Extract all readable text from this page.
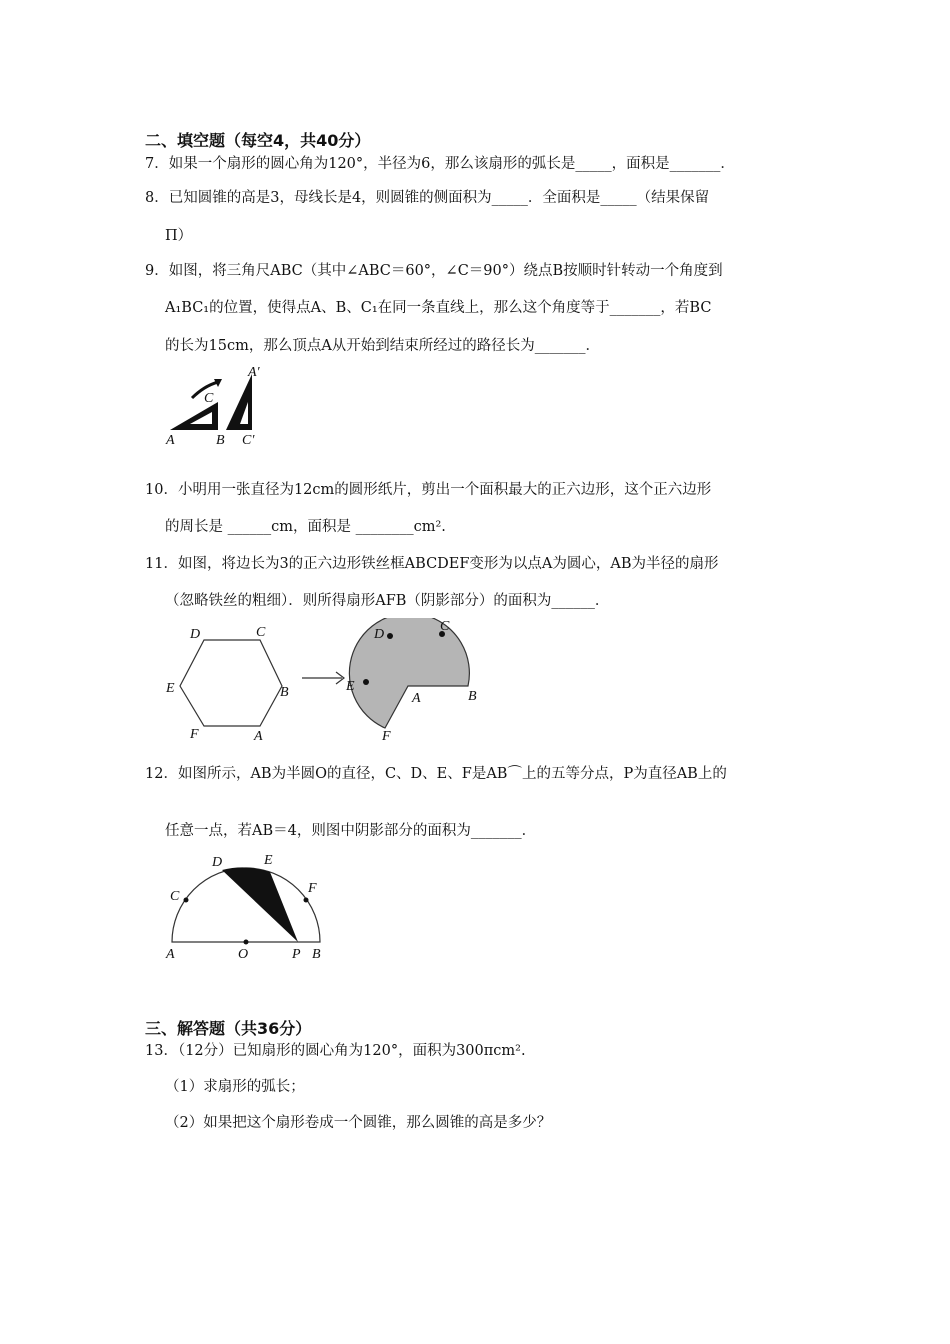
二、填空题（每空4，共40分）
7．如果一个扇形的圆心角为120°，半径为6，那么该扇形的弧长是_____，面积是_______．
8．已知圆锥的高是3，母线长是4，则圆锥的侧面积为_____．全面积是_____（结果保留
Π）
9．如图，将三角尺ABC（其中∠ABC＝60°，∠C＝90°）绕点B按顺时针转动一个角度到
A₁BC₁的位置，使得点A、B、C₁在同一条直线上，那么这个角度等于_______，若BC
的长为15cm，那么顶点A从开始到结束所经过的路径长为_______．
A	B
C
C′
A′
10．小明用一张直径为12cm的圆形纸片，剪出一个面积最大的正六边形，这个正六边形
的周长是 ______cm，面积是 ________cm².
11．如图，将边长为3的正六边形铁丝框ABCDEF变形为以点A为圆心，AB为半径的扇形
（忽略铁丝的粗细）．则所得扇形AFB（阴影部分）的面积为______．
D	C
E	B
F	A
D
C
E
A	B
F
12．如图所示，AB为半圆O的直径，C、D、E、F是AB⌒上的五等分点，P为直径AB上的
任意一点，若AB＝4，则图中阴影部分的面积为_______．
A	B
C
D	E
F
O	P
三、解答题（共36分）
13．（12分）已知扇形的圆心角为120°，面积为300πcm².
（1）求扇形的弧长；
（2）如果把这个扇形卷成一个圆锥，那么圆锥的高是多少？
